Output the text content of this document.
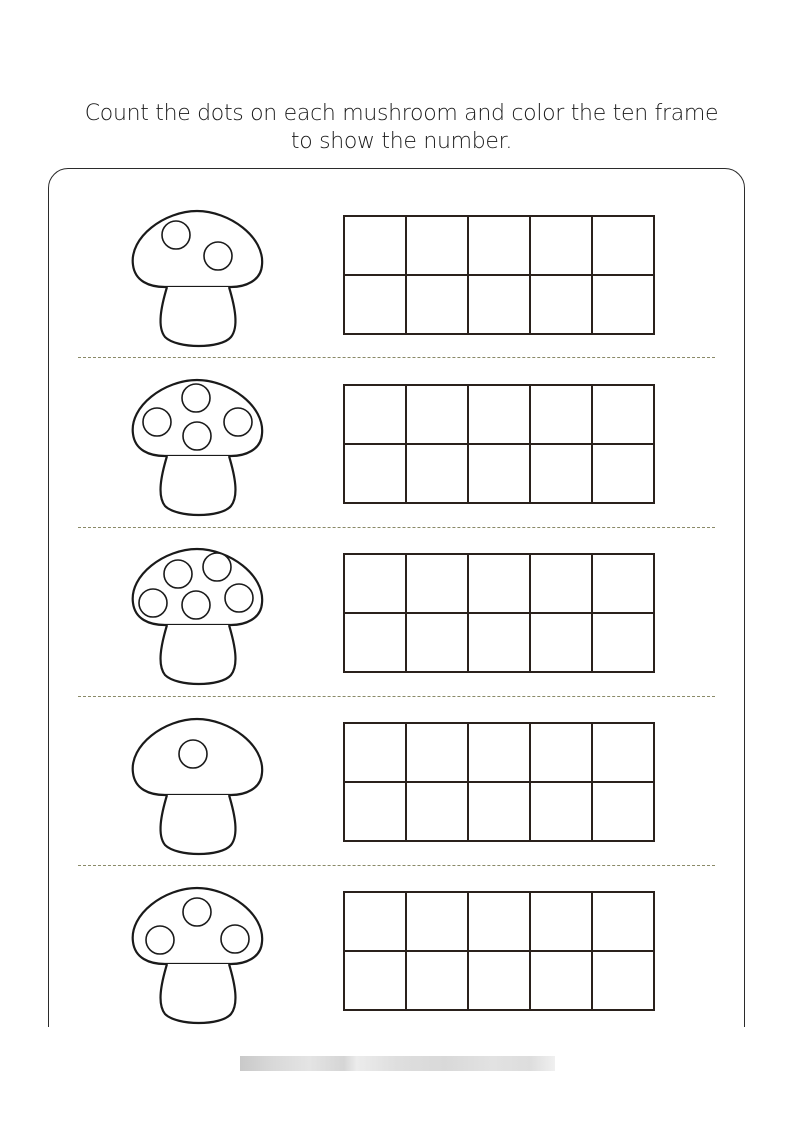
Count the dots on each mushroom and color the ten frame
to show the number.
